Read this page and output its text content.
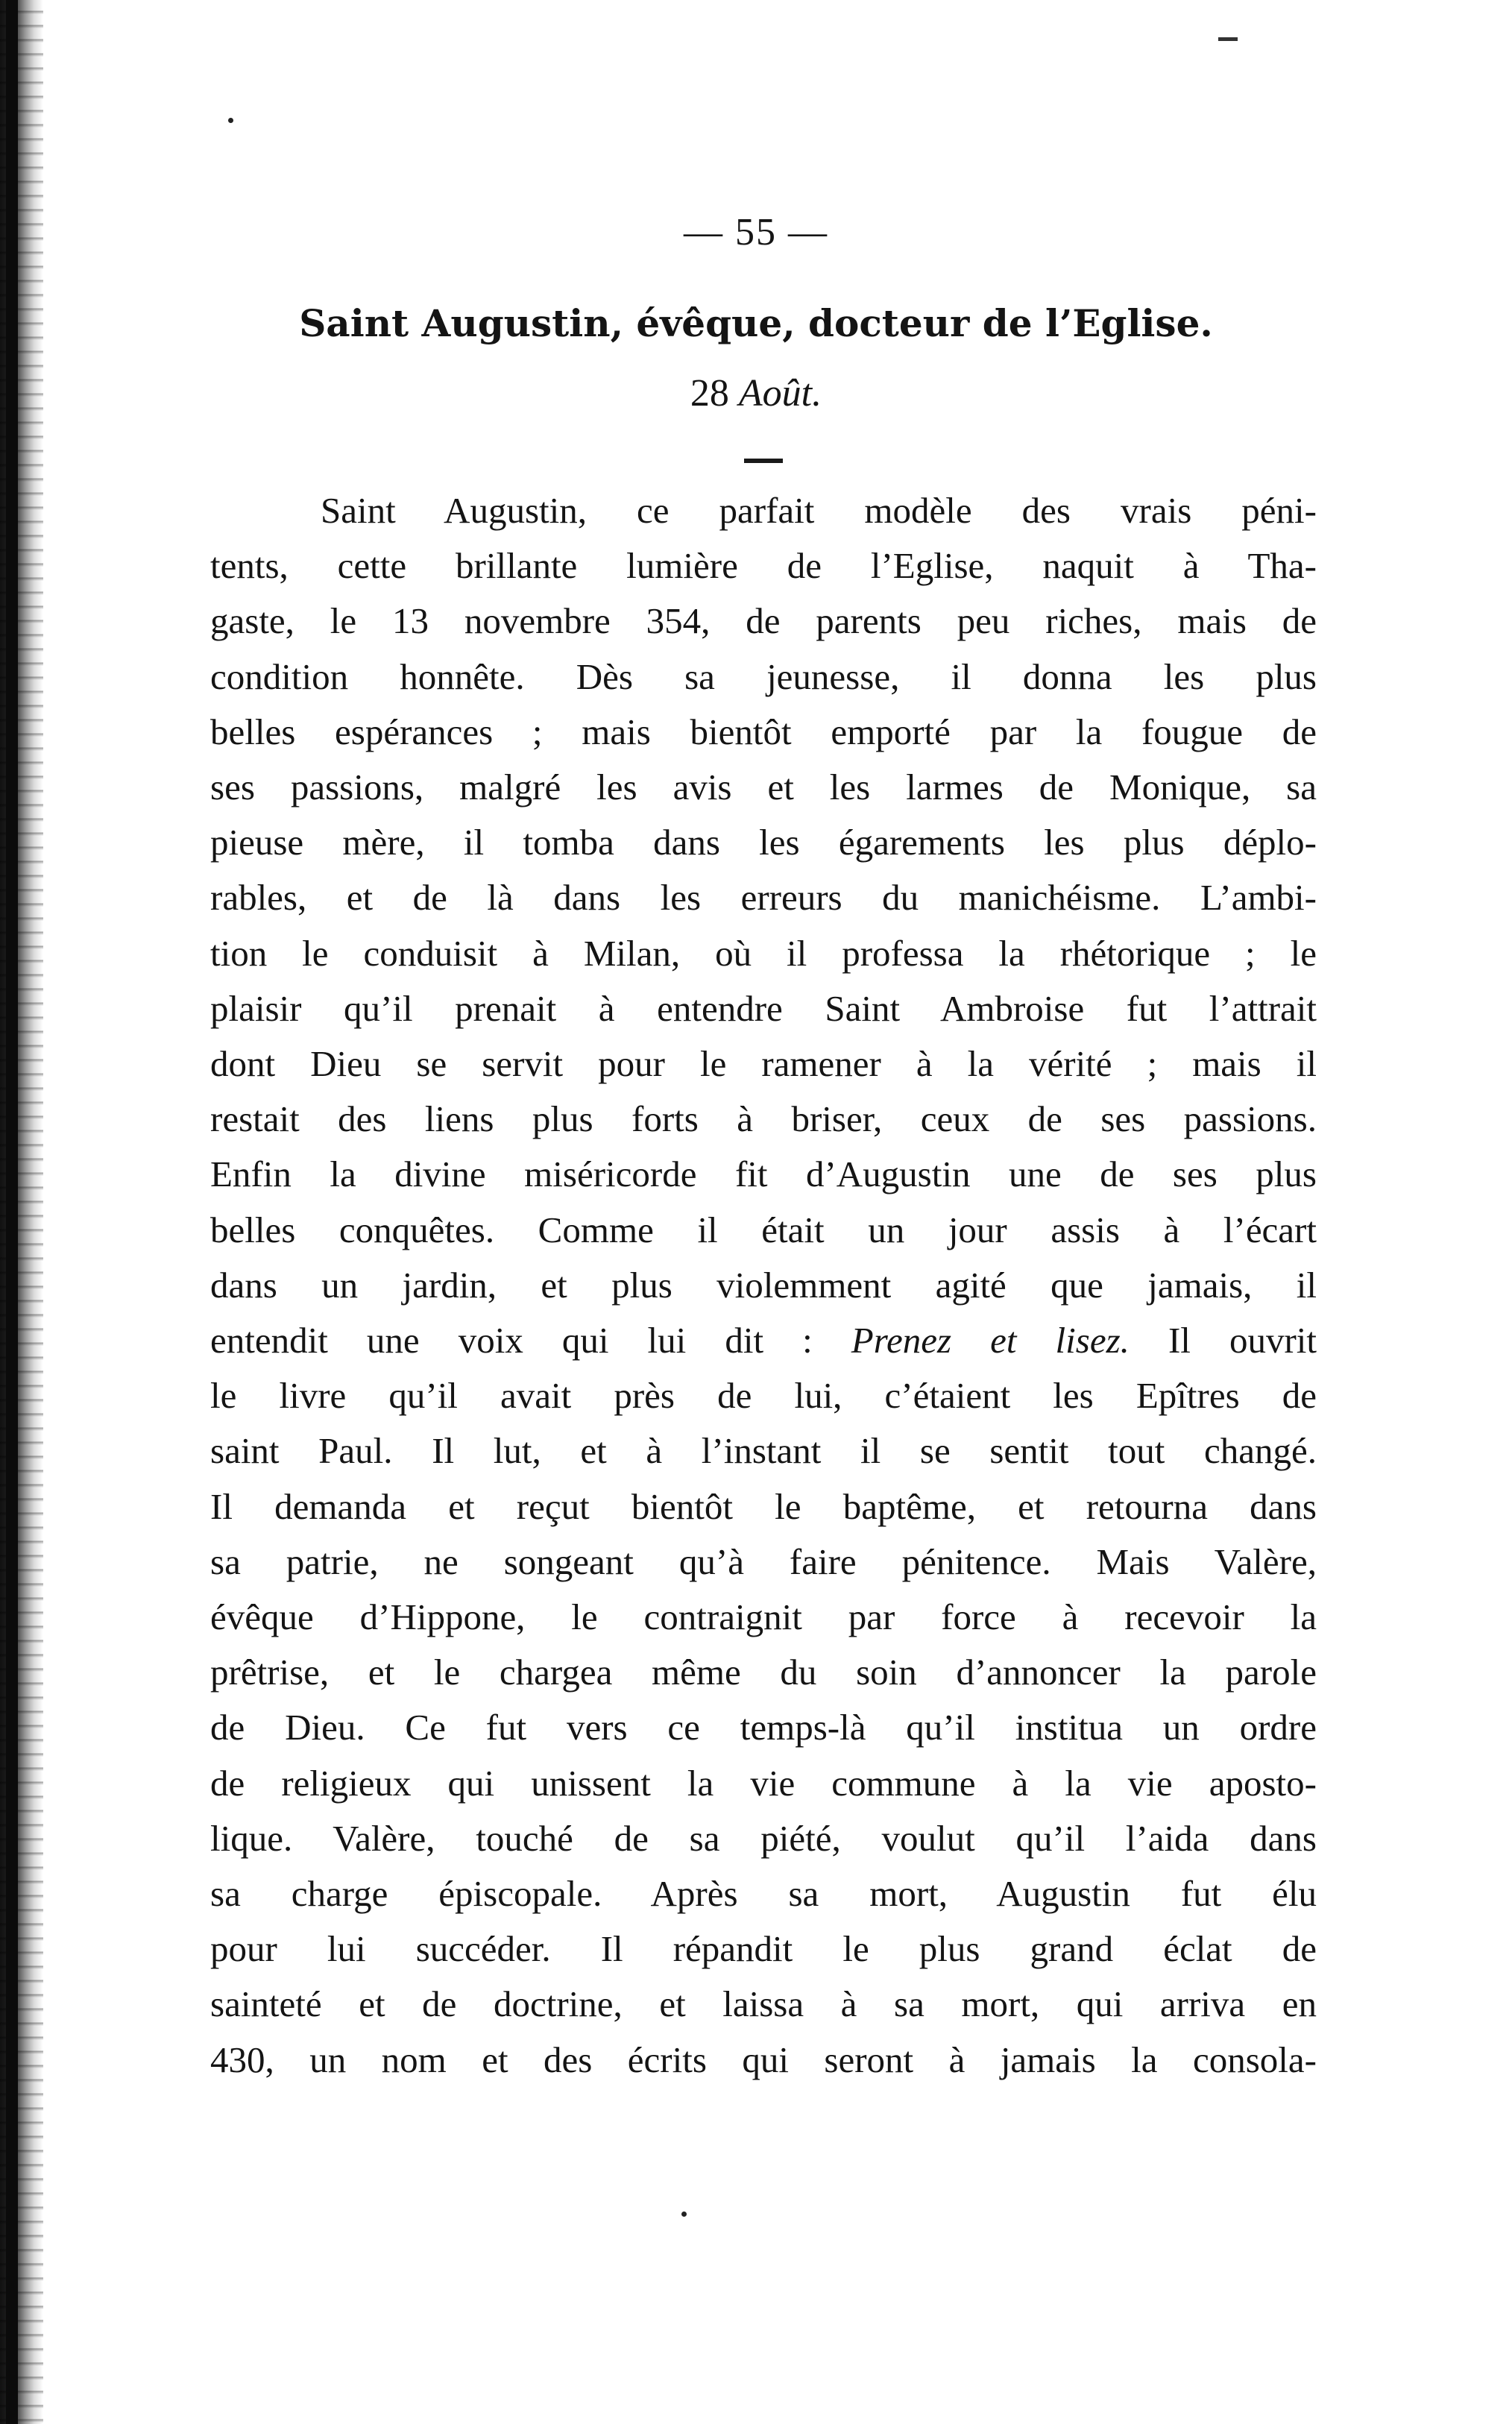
— 55 —
Saint Augustin, évêque, docteur de l’Eglise.
28 Août.
Saint Augustin, ce parfait modèle des vrais péni-
tents, cette brillante lumière de l’Eglise, naquit à Tha-
gaste, le 13 novembre 354, de parents peu riches, mais de
condition honnête. Dès sa jeunesse, il donna les plus
belles espérances ; mais bientôt emporté par la fougue de
ses passions, malgré les avis et les larmes de Monique, sa
pieuse mère, il tomba dans les égarements les plus déplo-
rables, et de là dans les erreurs du manichéisme. L’ambi-
tion le conduisit à Milan, où il professa la rhétorique ; le
plaisir qu’il prenait à entendre Saint Ambroise fut l’attrait
dont Dieu se servit pour le ramener à la vérité ; mais il
restait des liens plus forts à briser, ceux de ses passions.
Enfin la divine miséricorde fit d’Augustin une de ses plus
belles conquêtes. Comme il était un jour assis à l’écart
dans un jardin, et plus violemment agité que jamais, il
entendit une voix qui lui dit : Prenez et lisez. Il ouvrit
le livre qu’il avait près de lui, c’étaient les Epîtres de
saint Paul. Il lut, et à l’instant il se sentit tout changé.
Il demanda et reçut bientôt le baptême, et retourna dans
sa patrie, ne songeant qu’à faire pénitence. Mais Valère,
évêque d’Hippone, le contraignit par force à recevoir la
prêtrise, et le chargea même du soin d’annoncer la parole
de Dieu. Ce fut vers ce temps-là qu’il institua un ordre
de religieux qui unissent la vie commune à la vie aposto-
lique. Valère, touché de sa piété, voulut qu’il l’aida dans
sa charge épiscopale. Après sa mort, Augustin fut élu
pour lui succéder. Il répandit le plus grand éclat de
sainteté et de doctrine, et laissa à sa mort, qui arriva en
430, un nom et des écrits qui seront à jamais la consola-
